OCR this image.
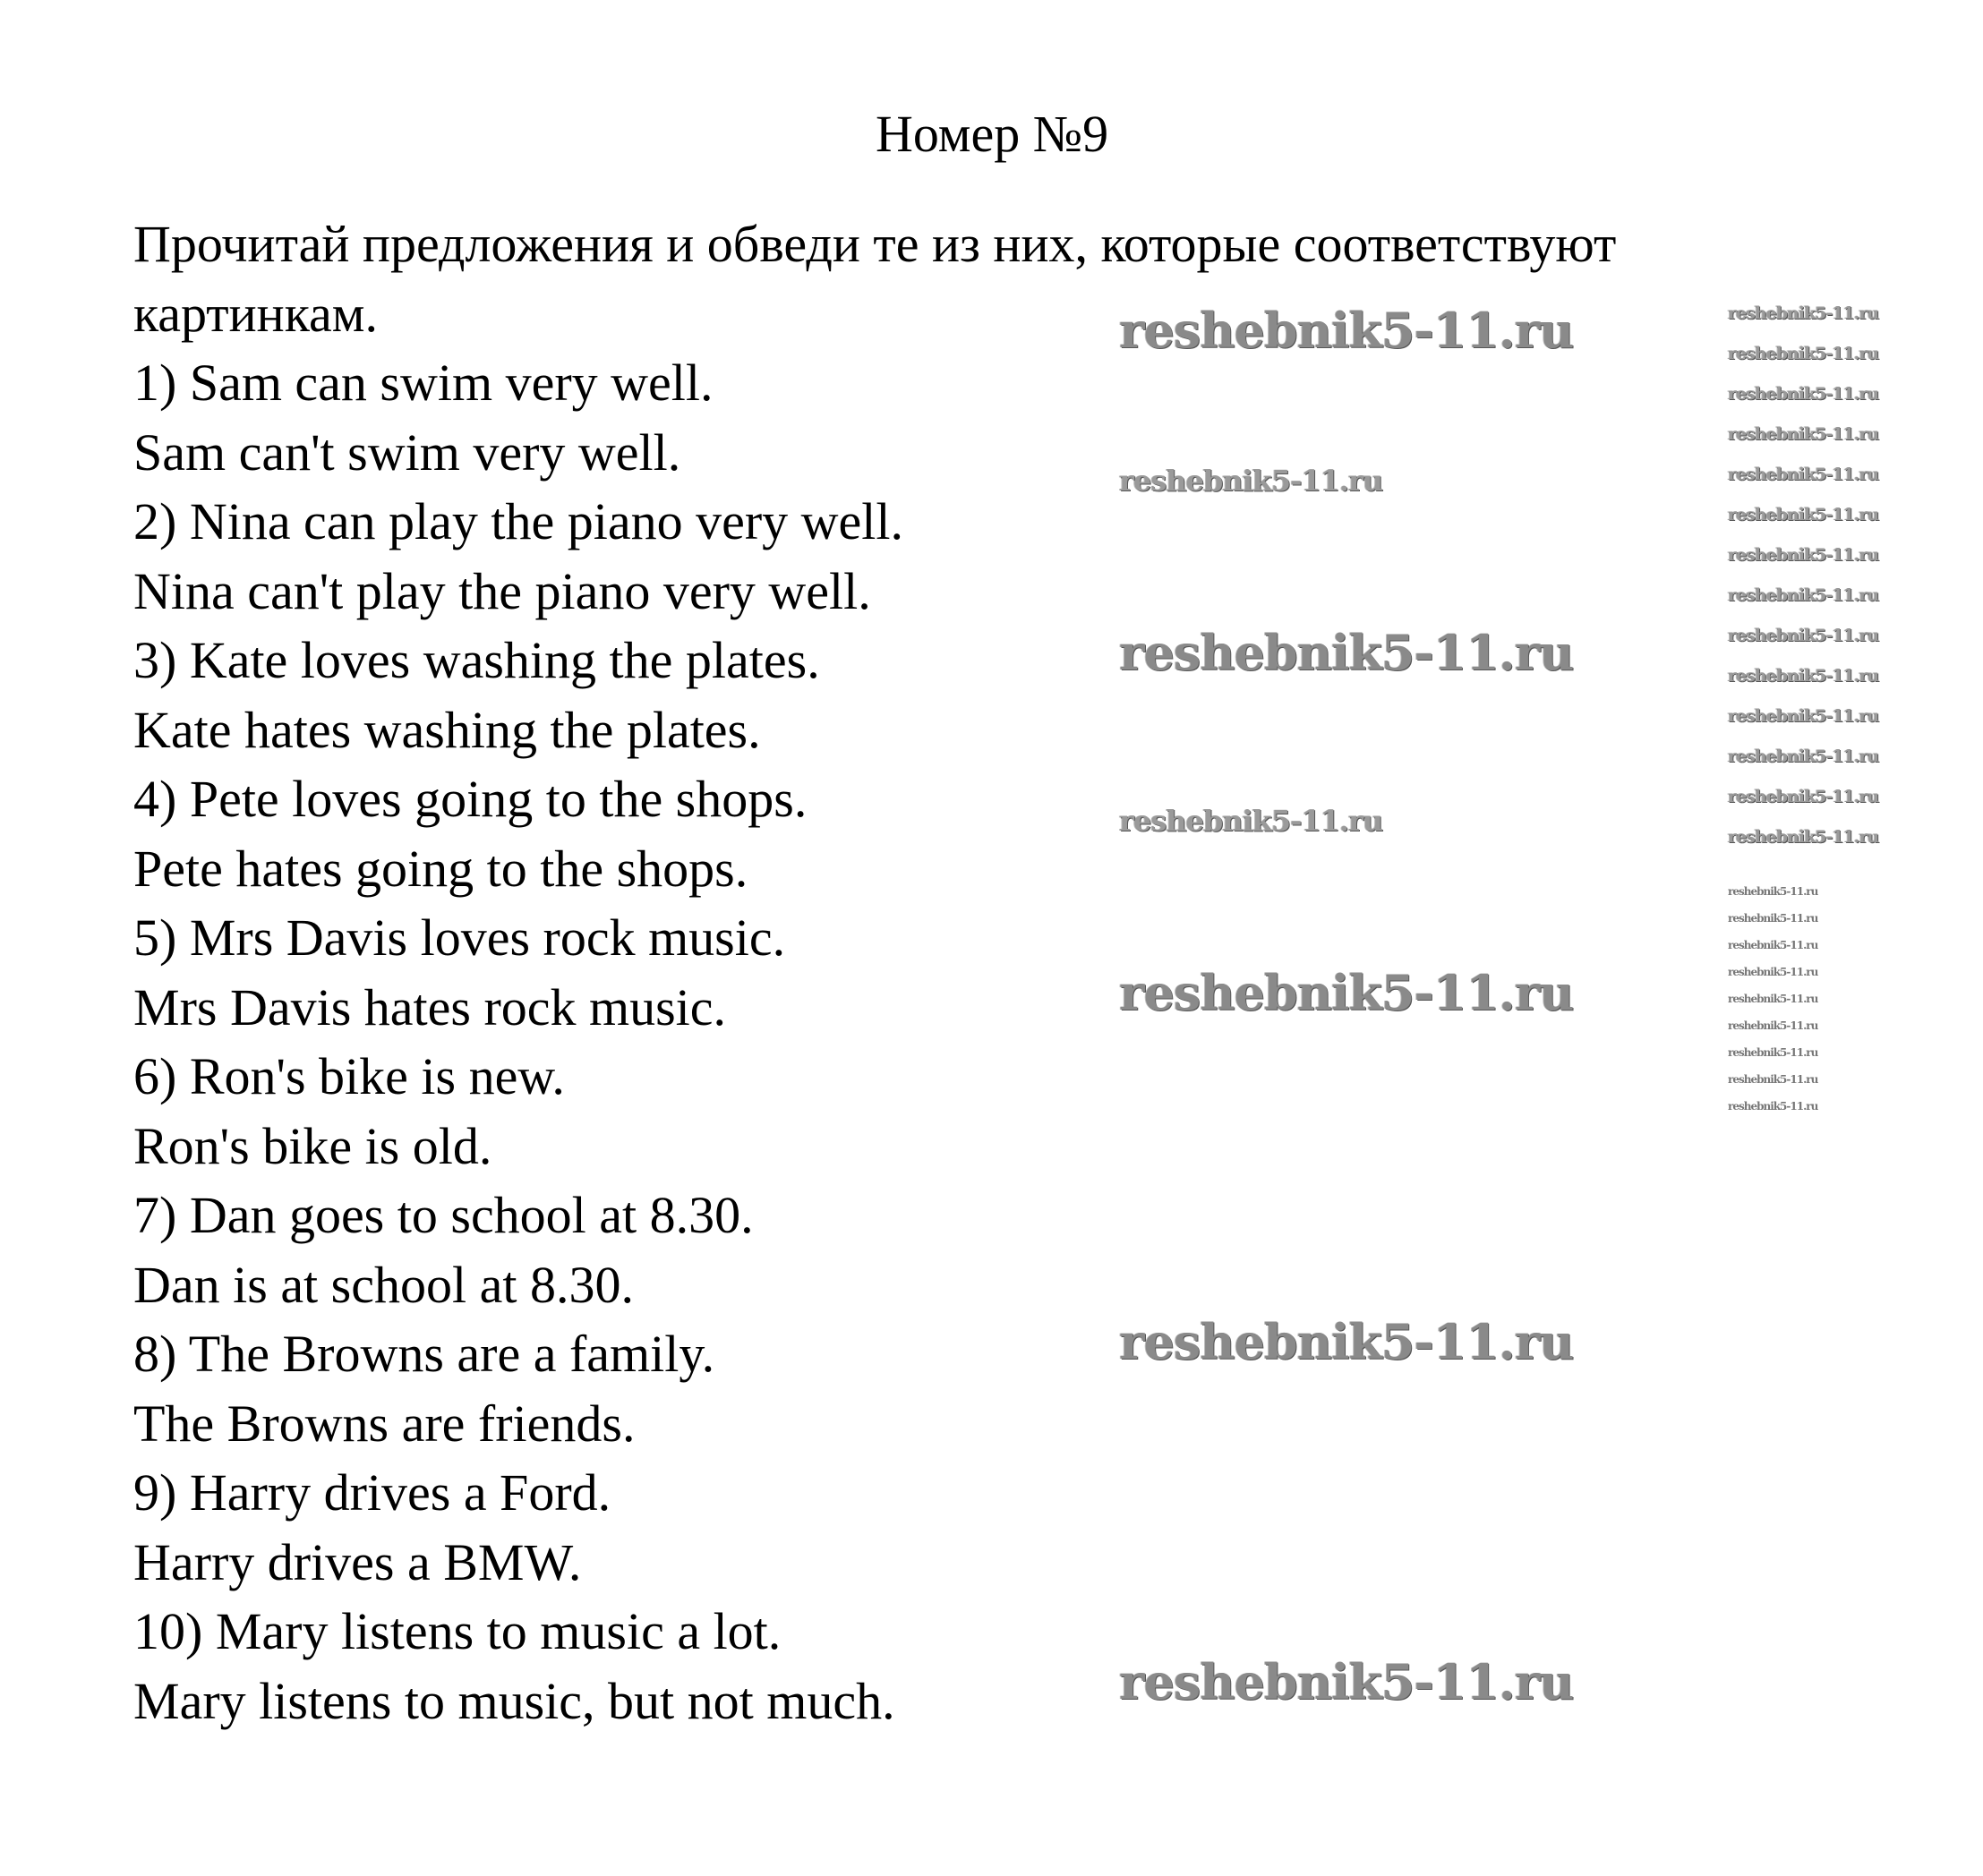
Номер №9
Прочитай предложения и обведи те из них, которые соответствуют
картинкам.
1) Sam can swim very well.
Sam can't swim very well.
2) Nina can play the piano very well.
Nina can't play the piano very well.
3) Kate loves washing the plates.
Kate hates washing the plates.
4) Pete loves going to the shops.
Pete hates going to the shops.
5) Mrs Davis loves rock music.
Mrs Davis hates rock music.
6) Ron's bike is new.
Ron's bike is old.
7) Dan goes to school at 8.30.
Dan is at school at 8.30.
8) The Browns are a family.
The Browns are friends.
9) Harry drives a Ford.
Harry drives a BMW.
10) Mary listens to music a lot.
Mary listens to music, but not much.
reshebnik5-11.ru
reshebnik5-11.ru
reshebnik5-11.ru
reshebnik5-11.ru
reshebnik5-11.ru
reshebnik5-11.ru
reshebnik5-11.ru
reshebnik5-11.ru
reshebnik5-11.ru
reshebnik5-11.ru
reshebnik5-11.ru
reshebnik5-11.ru
reshebnik5-11.ru
reshebnik5-11.ru
reshebnik5-11.ru
reshebnik5-11.ru
reshebnik5-11.ru
reshebnik5-11.ru
reshebnik5-11.ru
reshebnik5-11.ru
reshebnik5-11.ru
reshebnik5-11.ru
reshebnik5-11.ru
reshebnik5-11.ru
reshebnik5-11.ru
reshebnik5-11.ru
reshebnik5-11.ru
reshebnik5-11.ru
reshebnik5-11.ru
reshebnik5-11.ru
